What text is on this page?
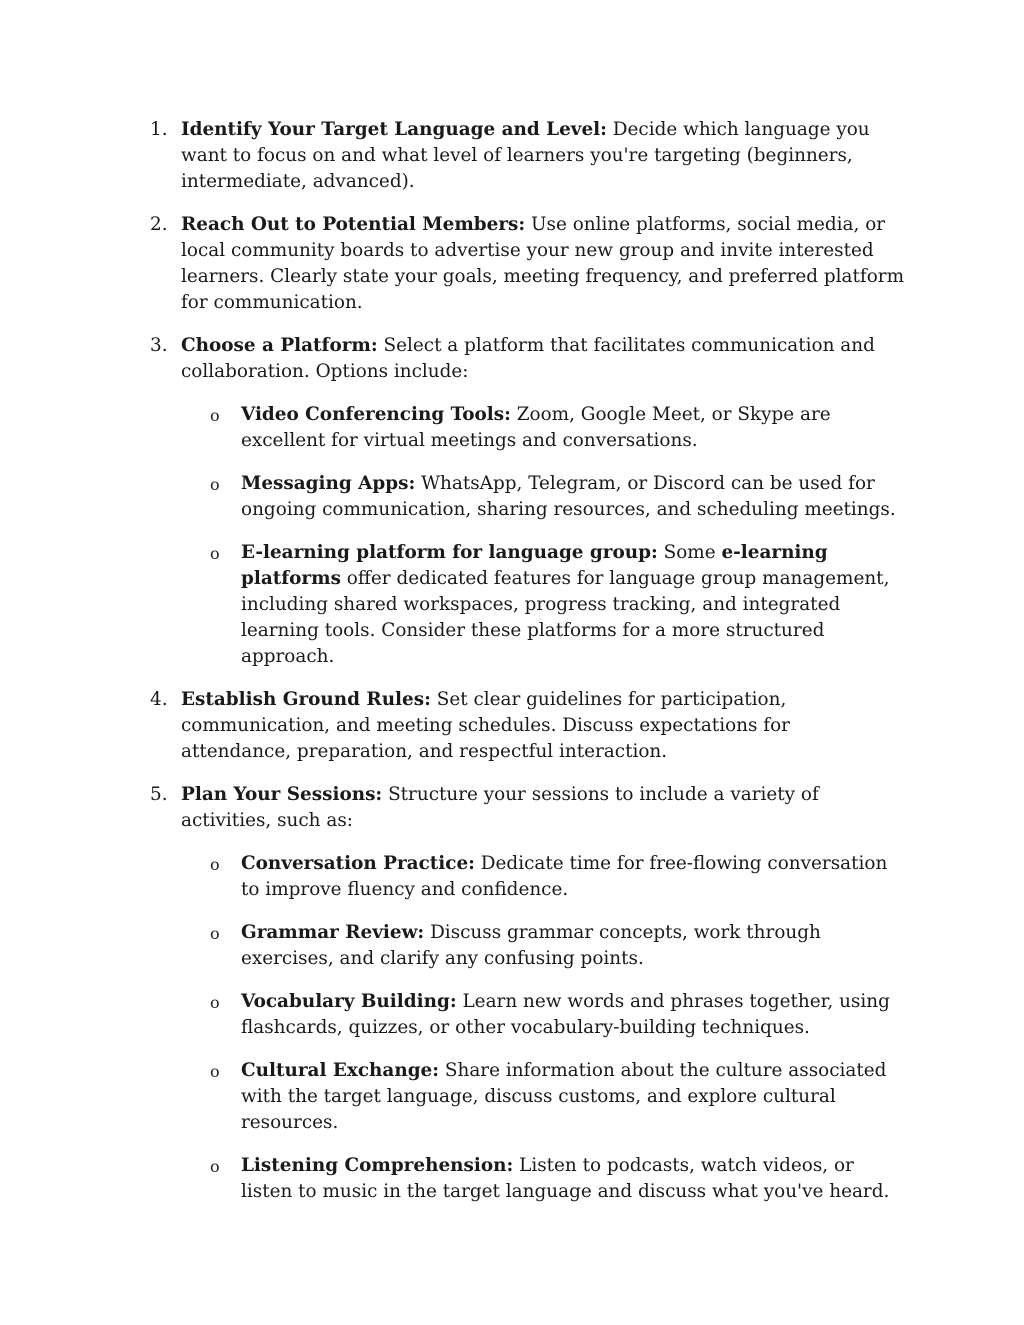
1. Identify Your Target Language and Level: Decide which language you want to focus on and what level of learners you're targeting (beginners, intermediate, advanced).
2. Reach Out to Potential Members: Use online platforms, social media, or local community boards to advertise your new group and invite interested learners. Clearly state your goals, meeting frequency, and preferred platform for communication.
3. Choose a Platform: Select a platform that facilitates communication and collaboration. Options include:
o Video Conferencing Tools: Zoom, Google Meet, or Skype are excellent for virtual meetings and conversations.
o Messaging Apps: WhatsApp, Telegram, or Discord can be used for ongoing communication, sharing resources, and scheduling meetings.
o E-learning platform for language group: Some e-learning platforms offer dedicated features for language group management, including shared workspaces, progress tracking, and integrated learning tools. Consider these platforms for a more structured approach.
4. Establish Ground Rules: Set clear guidelines for participation, communication, and meeting schedules. Discuss expectations for attendance, preparation, and respectful interaction.
5. Plan Your Sessions: Structure your sessions to include a variety of activities, such as:
o Conversation Practice: Dedicate time for free-flowing conversation to improve fluency and confidence.
o Grammar Review: Discuss grammar concepts, work through exercises, and clarify any confusing points.
o Vocabulary Building: Learn new words and phrases together, using flashcards, quizzes, or other vocabulary-building techniques.
o Cultural Exchange: Share information about the culture associated with the target language, discuss customs, and explore cultural resources.
o Listening Comprehension: Listen to podcasts, watch videos, or listen to music in the target language and discuss what you've heard.
